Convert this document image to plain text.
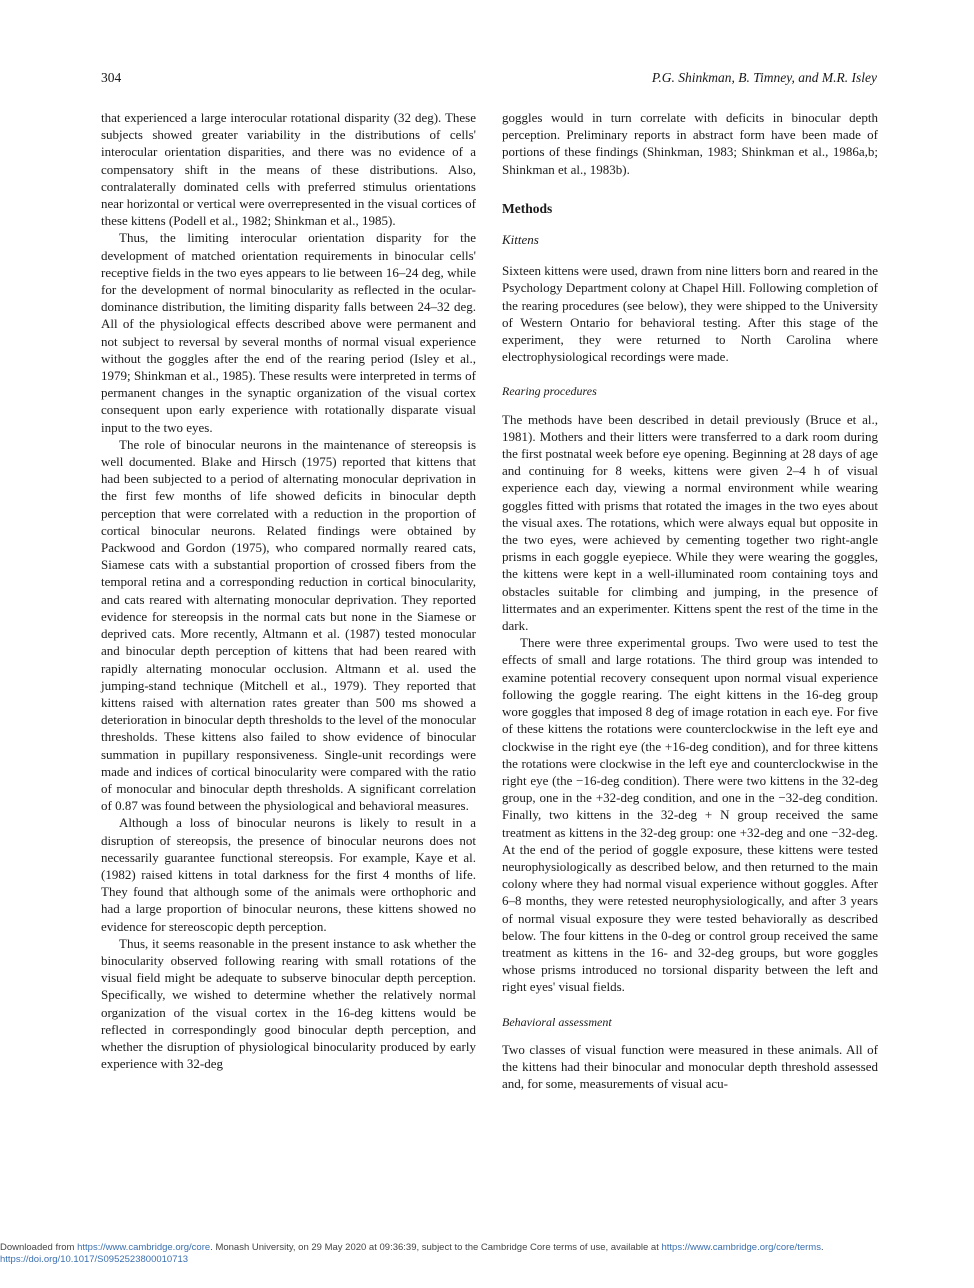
304	P.G. Shinkman, B. Timney, and M.R. Isley

that experienced a large interocular rotational disparity (32 deg). These subjects showed greater variability in the distributions of cells' interocular orientation disparities, and there was no evidence of a compensatory shift in the means of these distributions. Also, contralaterally dominated cells with preferred stimulus orientations near horizontal or vertical were overrepresented in the visual cortices of these kittens (Podell et al., 1982; Shinkman et al., 1985).

Thus, the limiting interocular orientation disparity for the development of matched orientation requirements in binocular cells' receptive fields in the two eyes appears to lie between 16–24 deg, while for the development of normal binocularity as reflected in the ocular-dominance distribution, the limiting disparity falls between 24–32 deg. All of the physiological effects described above were permanent and not subject to reversal by several months of normal visual experience without the goggles after the end of the rearing period (Isley et al., 1979; Shinkman et al., 1985). These results were interpreted in terms of permanent changes in the synaptic organization of the visual cortex consequent upon early experience with rotationally disparate visual input to the two eyes.

The role of binocular neurons in the maintenance of stereopsis is well documented. Blake and Hirsch (1975) reported that kittens that had been subjected to a period of alternating monocular deprivation in the first few months of life showed deficits in binocular depth perception that were correlated with a reduction in the proportion of cortical binocular neurons. Related findings were obtained by Packwood and Gordon (1975), who compared normally reared cats, Siamese cats with a substantial proportion of crossed fibers from the temporal retina and a corresponding reduction in cortical binocularity, and cats reared with alternating monocular deprivation. They reported evidence for stereopsis in the normal cats but none in the Siamese or deprived cats. More recently, Altmann et al. (1987) tested monocular and binocular depth perception of kittens that had been reared with rapidly alternating monocular occlusion. Altmann et al. used the jumping-stand technique (Mitchell et al., 1979). They reported that kittens raised with alternation rates greater than 500 ms showed a deterioration in binocular depth thresholds to the level of the monocular thresholds. These kittens also failed to show evidence of binocular summation in pupillary responsiveness. Single-unit recordings were made and indices of cortical binocularity were compared with the ratio of monocular and binocular depth thresholds. A significant correlation of 0.87 was found between the physiological and behavioral measures.

Although a loss of binocular neurons is likely to result in a disruption of stereopsis, the presence of binocular neurons does not necessarily guarantee functional stereopsis. For example, Kaye et al. (1982) raised kittens in total darkness for the first 4 months of life. They found that although some of the animals were orthophoric and had a large proportion of binocular neurons, these kittens showed no evidence for stereoscopic depth perception.

Thus, it seems reasonable in the present instance to ask whether the binocularity observed following rearing with small rotations of the visual field might be adequate to subserve binocular depth perception. Specifically, we wished to determine whether the relatively normal organization of the visual cortex in the 16-deg kittens would be reflected in correspondingly good binocular depth perception, and whether the disruption of physiological binocularity produced by early experience with 32-deg

goggles would in turn correlate with deficits in binocular depth perception. Preliminary reports in abstract form have been made of portions of these findings (Shinkman, 1983; Shinkman et al., 1986a,b; Shinkman et al., 1983b).

Methods
Kittens

Sixteen kittens were used, drawn from nine litters born and reared in the Psychology Department colony at Chapel Hill. Following completion of the rearing procedures (see below), they were shipped to the University of Western Ontario for behavioral testing. After this stage of the experiment, they were returned to North Carolina where electrophysiological recordings were made.

Rearing procedures

The methods have been described in detail previously (Bruce et al., 1981). Mothers and their litters were transferred to a dark room during the first postnatal week before eye opening. Beginning at 28 days of age and continuing for 8 weeks, kittens were given 2–4 h of visual experience each day, viewing a normal environment while wearing goggles fitted with prisms that rotated the images in the two eyes about the visual axes. The rotations, which were always equal but opposite in the two eyes, were achieved by cementing together two right-angle prisms in each goggle eyepiece. While they were wearing the goggles, the kittens were kept in a well-illuminated room containing toys and obstacles suitable for climbing and jumping, in the presence of littermates and an experimenter. Kittens spent the rest of the time in the dark.

There were three experimental groups. Two were used to test the effects of small and large rotations. The third group was intended to examine potential recovery consequent upon normal visual experience following the goggle rearing. The eight kittens in the 16-deg group wore goggles that imposed 8 deg of image rotation in each eye. For five of these kittens the rotations were counterclockwise in the left eye and clockwise in the right eye (the +16-deg condition), and for three kittens the rotations were clockwise in the left eye and counterclockwise in the right eye (the −16-deg condition). There were two kittens in the 32-deg group, one in the +32-deg condition, and one in the −32-deg condition. Finally, two kittens in the 32-deg + N group received the same treatment as kittens in the 32-deg group: one +32-deg and one −32-deg. At the end of the period of goggle exposure, these kittens were tested neurophysiologically as described below, and then returned to the main colony where they had normal visual experience without goggles. After 6–8 months, they were retested neurophysiologically, and after 3 years of normal visual exposure they were tested behaviorally as described below. The four kittens in the 0-deg or control group received the same treatment as kittens in the 16- and 32-deg groups, but wore goggles whose prisms introduced no torsional disparity between the left and right eyes' visual fields.

Behavioral assessment

Two classes of visual function were measured in these animals. All of the kittens had their binocular and monocular depth threshold assessed and, for some, measurements of visual acu-

Downloaded from https://www.cambridge.org/core. Monash University, on 29 May 2020 at 09:36:39, subject to the Cambridge Core terms of use, available at https://www.cambridge.org/core/terms.
https://doi.org/10.1017/S0952523800010713
